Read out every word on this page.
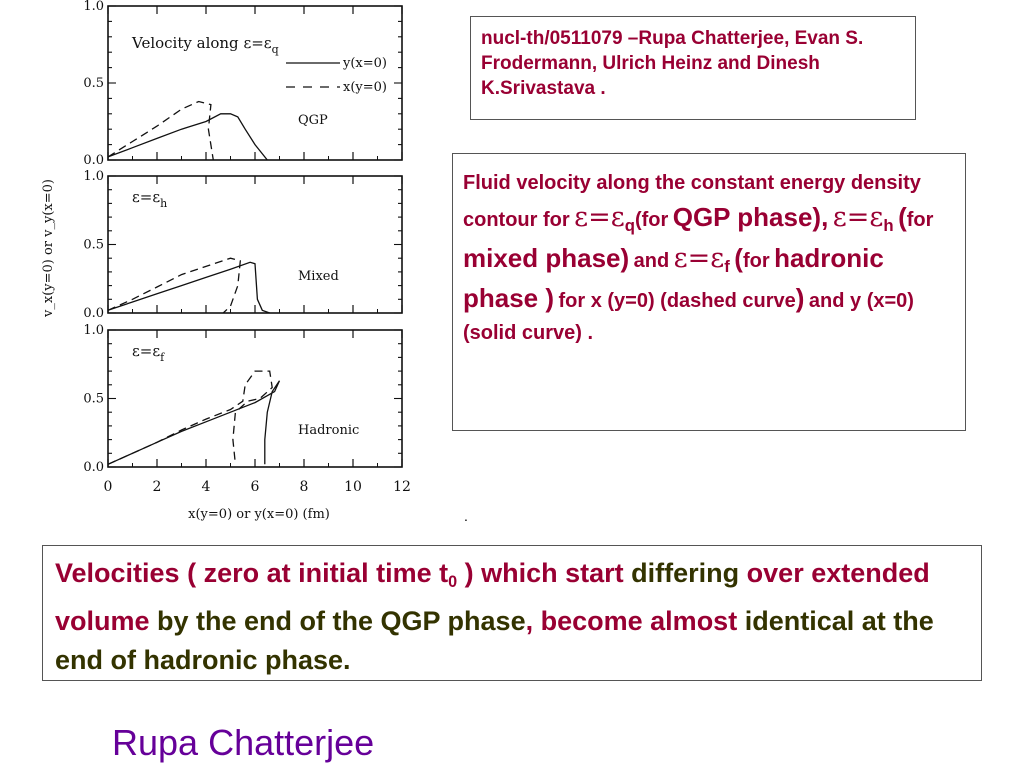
0.0
0.5
1.0
Velocity along $\varepsilon=\varepsilon_q$
QGP
0.0
0.5
1.0
$\varepsilon=\varepsilon_h$
Mixed
0.0
0.5
1.0
$\varepsilon=\varepsilon_f$
Hadronic
y(x=0)
x(y=0)
0	2	4	6	8	10 12
x(y=0) or y(x=0) (fm)
v_x(y=0) or v_y(x=0)
nucl-th/0511079 –Rupa Chatterjee, Evan S. Frodermann, Ulrich Heinz and Dinesh K.Srivastava .
Fluid velocity along the constant energy density contour for $\varepsilon=\varepsilon_q(for$ QGP phase), $\varepsilon=\varepsilon_h$ (for mixed phase) and $\varepsilon=\varepsilon_f$ (for hadronic phase ) for x (y=0) (dashed curve) and y (x=0) (solid curve) .
.
Velocities ( zero at initial time $t_0$ ) which start differing over extended volume by the end of the QGP phase, become almost identical at the end of hadronic phase.
Rupa Chatterjee
